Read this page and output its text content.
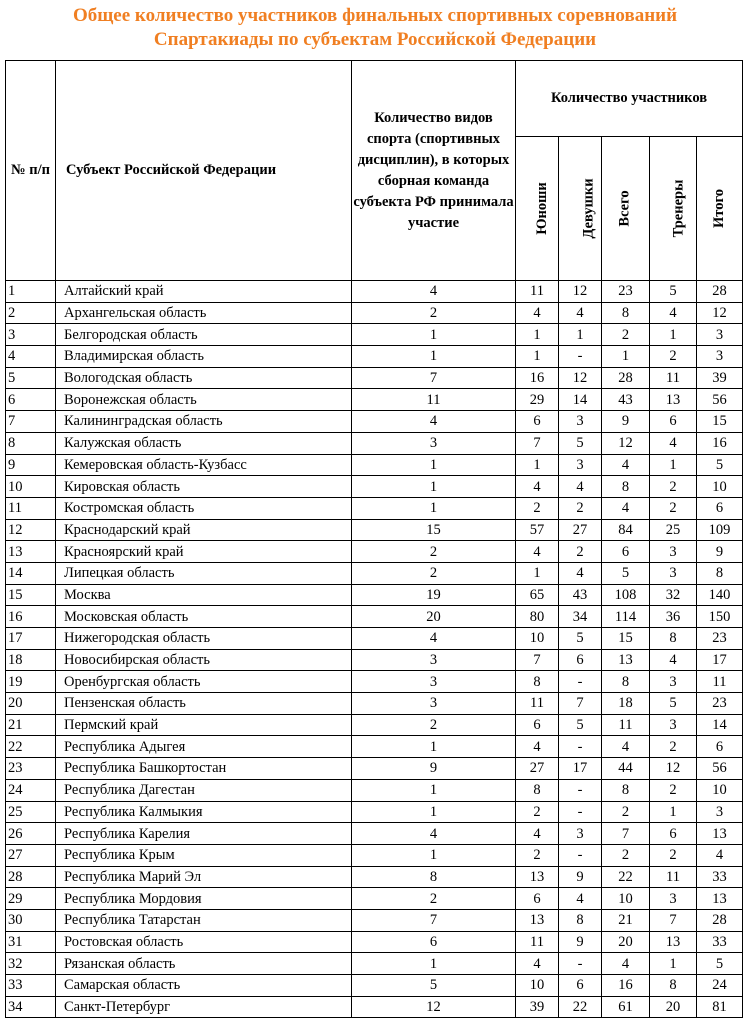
Общее количество участников финальных спортивных соревнований
Спартакиады по субъектам Российской Федерации
№ п/п	Субъект Российской Федерации	Количество видов спорта (спортивных дисциплин), в которых сборная команда субъекта РФ принимала участие	Количество участников				
			Юноши	Девушки	Всего	Тренеры	Итого
1	Алтайский край	4	11	12	23	5	28
2	Архангельская область	2	4	4	8	4	12
3	Белгородская область	1	1	1	2	1	3
4	Владимирская область	1	1	-	1	2	3
5	Вологодская область	7	16	12	28	11	39
6	Воронежская область	11	29	14	43	13	56
7	Калининградская область	4	6	3	9	6	15
8	Калужская область	3	7	5	12	4	16
9	Кемеровская область-Кузбасс	1	1	3	4	1	5
10	Кировская область	1	4	4	8	2	10
11	Костромская область	1	2	2	4	2	6
12	Краснодарский край	15	57	27	84	25	109
13	Красноярский край	2	4	2	6	3	9
14	Липецкая область	2	1	4	5	3	8
15	Москва	19	65	43	108	32	140
16	Московская область	20	80	34	114	36	150
17	Нижегородская область	4	10	5	15	8	23
18	Новосибирская область	3	7	6	13	4	17
19	Оренбургская область	3	8	-	8	3	11
20	Пензенская область	3	11	7	18	5	23
21	Пермский край	2	6	5	11	3	14
22	Республика Адыгея	1	4	-	4	2	6
23	Республика Башкортостан	9	27	17	44	12	56
24	Республика Дагестан	1	8	-	8	2	10
25	Республика Калмыкия	1	2	-	2	1	3
26	Республика Карелия	4	4	3	7	6	13
27	Республика Крым	1	2	-	2	2	4
28	Республика Марий Эл	8	13	9	22	11	33
29	Республика Мордовия	2	6	4	10	3	13
30	Республика Татарстан	7	13	8	21	7	28
31	Ростовская область	6	11	9	20	13	33
32	Рязанская область	1	4	-	4	1	5
33	Самарская область	5	10	6	16	8	24
34	Санкт-Петербург	12	39	22	61	20	81
